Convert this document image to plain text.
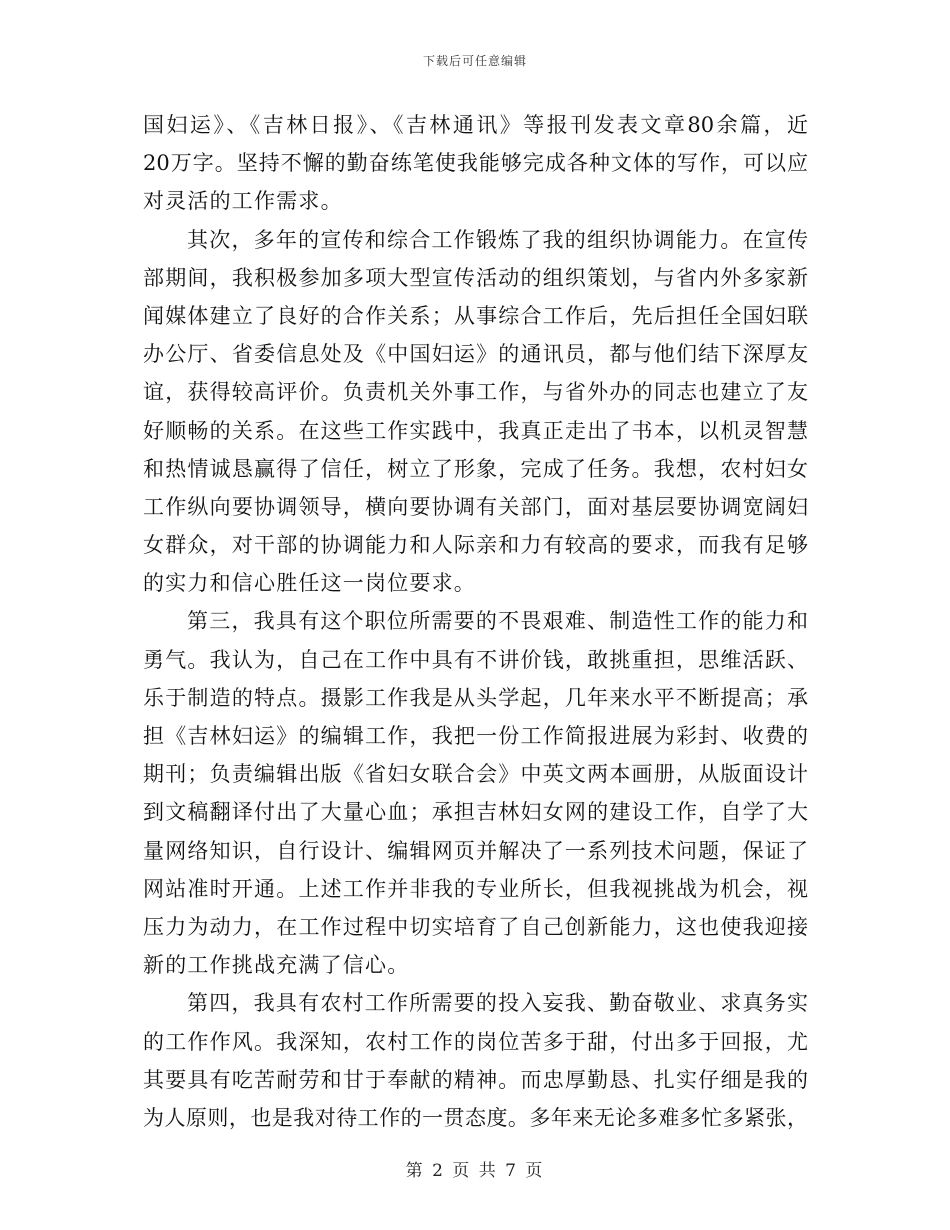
下载后可任意编辑
国妇运》、《吉林日报》、《吉林通讯》等报刊发表文章80余篇，近
20万字。坚持不懈的勤奋练笔使我能够完成各种文体的写作，可以应
对灵活的工作需求。
其次，多年的宣传和综合工作锻炼了我的组织协调能力。在宣传
部期间，我积极参加多项大型宣传活动的组织策划，与省内外多家新
闻媒体建立了良好的合作关系；从事综合工作后，先后担任全国妇联
办公厅、省委信息处及《中国妇运》的通讯员，都与他们结下深厚友
谊，获得较高评价。负责机关外事工作，与省外办的同志也建立了友
好顺畅的关系。在这些工作实践中，我真正走出了书本，以机灵智慧
和热情诚恳赢得了信任，树立了形象，完成了任务。我想，农村妇女
工作纵向要协调领导，横向要协调有关部门，面对基层要协调宽阔妇
女群众，对干部的协调能力和人际亲和力有较高的要求，而我有足够
的实力和信心胜任这一岗位要求。
第三，我具有这个职位所需要的不畏艰难、制造性工作的能力和
勇气。我认为，自己在工作中具有不讲价钱，敢挑重担，思维活跃、
乐于制造的特点。摄影工作我是从头学起，几年来水平不断提高；承
担《吉林妇运》的编辑工作，我把一份工作简报进展为彩封、收费的
期刊；负责编辑出版《省妇女联合会》中英文两本画册，从版面设计
到文稿翻译付出了大量心血；承担吉林妇女网的建设工作，自学了大
量网络知识，自行设计、编辑网页并解决了一系列技术问题，保证了
网站准时开通。上述工作并非我的专业所长，但我视挑战为机会，视
压力为动力，在工作过程中切实培育了自己创新能力，这也使我迎接
新的工作挑战充满了信心。
第四，我具有农村工作所需要的投入妄我、勤奋敬业、求真务实
的工作作风。我深知，农村工作的岗位苦多于甜，付出多于回报，尤
其要具有吃苦耐劳和甘于奉献的精神。而忠厚勤恳、扎实仔细是我的
为人原则，也是我对待工作的一贯态度。多年来无论多难多忙多紧张，
第 2 页 共 7 页
